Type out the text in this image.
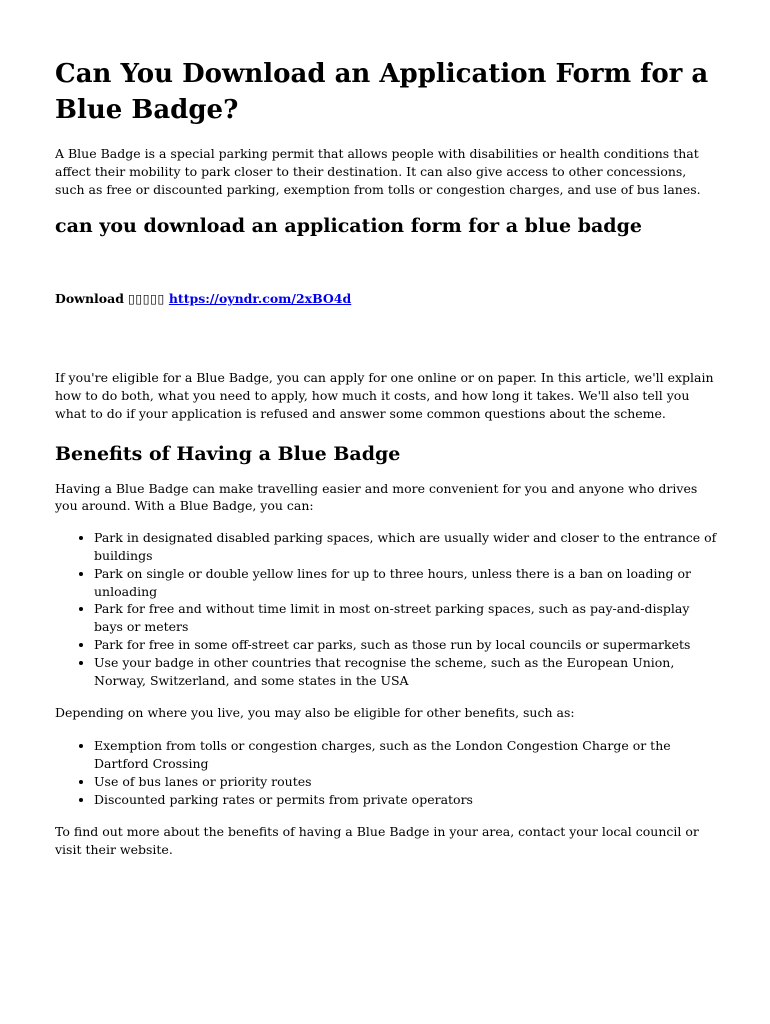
Can You Download an Application Form for a Blue Badge?

A Blue Badge is a special parking permit that allows people with disabilities or health conditions that affect their mobility to park closer to their destination. It can also give access to other concessions, such as free or discounted parking, exemption from tolls or congestion charges, and use of bus lanes.

can you download an application form for a blue badge

Download ▯▯▯▯▯ https://oyndr.com/2xBO4d

If you're eligible for a Blue Badge, you can apply for one online or on paper. In this article, we'll explain how to do both, what you need to apply, how much it costs, and how long it takes. We'll also tell you what to do if your application is refused and answer some common questions about the scheme.

Benefits of Having a Blue Badge

Having a Blue Badge can make travelling easier and more convenient for you and anyone who drives you around. With a Blue Badge, you can:

• Park in designated disabled parking spaces, which are usually wider and closer to the entrance of buildings
• Park on single or double yellow lines for up to three hours, unless there is a ban on loading or unloading
• Park for free and without time limit in most on-street parking spaces, such as pay-and-display bays or meters
• Park for free in some off-street car parks, such as those run by local councils or supermarkets
• Use your badge in other countries that recognise the scheme, such as the European Union, Norway, Switzerland, and some states in the USA

Depending on where you live, you may also be eligible for other benefits, such as:

• Exemption from tolls or congestion charges, such as the London Congestion Charge or the Dartford Crossing
• Use of bus lanes or priority routes
• Discounted parking rates or permits from private operators

To find out more about the benefits of having a Blue Badge in your area, contact your local council or visit their website.
